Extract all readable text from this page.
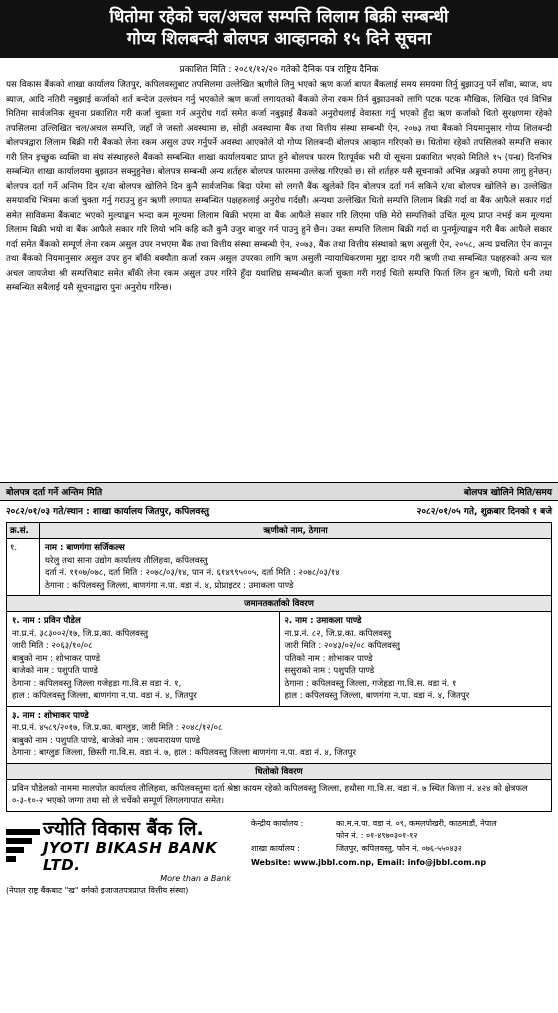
धितोमा रहेको चल/अचल सम्पत्ति लिलाम बिक्री सम्बन्धी
गोप्य शिलबन्दी बोलपत्र आव्हानको १५ दिने सूचना
प्रकाशित मिति : २०८१/१२/२० गतेको दैनिक पत्र राष्ट्रिय दैनिक
यस विकास बैंकको शाखा कार्यालय जितपुर, कपिलवस्तुबाट तपसिलमा उल्लेखित ऋणीले लिनु भएको ऋण कर्जा बापत बैंकलाई समय समयमा तिर्नु बुझाउनु पर्ने साँवा, ब्याज, थप ब्याज, आदि नतिरी नबुझाई कर्जाको शर्त बन्देज उल्लंघन गर्नु भएकोले ऋण कर्जा लगायतको बैंकको लेना रकम तिर्न बुझाउनको लागि पटक पटक मौखिक, लिखित एवं विभिन्न मितिमा सार्वजनिक सूचना प्रकाशित गरी कर्जा चुक्ता गर्न अनुरोध गर्दा समेत कर्जा नबुझाई बैंकको अनुरोधलाई वेवास्ता गर्नु भएको हुँदा ऋण कर्जाको धितो सुरक्षणमा रहेको तपसिलमा उल्लिखित चल/अचल सम्पत्ति, जहाँ जे जस्तो अवस्थामा छ, सोही अवस्थामा बैंक तथा वित्तीय संस्था सम्बन्धी ऐन, २०७३ तथा बैंकको नियमानुसार गोप्य शिलबन्दी बोलपत्रद्वारा लिलाम बिक्री गरी बैंकको लेना रकम असुल उपर गर्नुपर्ने अवस्था आएकोले यो गोप्य शिलबन्दी बोलपत्र आव्हान गरिएको छ। धितोमा रहेको तपसिलको सम्पत्ति सकार गरी लिन इच्छुक व्यक्ति वा संघ संस्थाहरुले बैंकको सम्बन्धित शाखा कार्यालयबाट प्राप्त हुने बोलपत्र फारम रितपूर्वक भरी यो सूचना प्रकाशित भएको मितिले १५ (पन्ध्र) दिनभित्र सम्बन्धित शाखा कार्यालयमा बुझाउन सक्नुहुनेछ। बोलपत्र सम्बन्धी अन्य शर्तहरु बोलपत्र फारममा उल्लेख गरिएको छ। सो शर्तहरु यसै सूचनाको अभिन्न अङ्गको रुपमा लागु हुनेछन्। बोलपत्र दर्ता गर्ने अन्तिम दिन र/वा बोलपत्र खोलिने दिन कुनै सार्वजनिक बिदा परेमा सो लगत्तै बैंक खुलेको दिन बोलपत्र दर्ता गर्न सकिने र/वा बोलपत्र खोलिने छ। उल्लेखित समयावधि भित्रमा कर्जा चुक्ता गर्नु गराउनु हुन ऋणी लगायत सम्बन्धित पक्षहरुलाई अनुरोध गर्दछौं। अन्यथा उल्लेखित धितो सम्पत्ति लिलाम बिक्री गर्दा वा बैंक आफैले सकार गर्दा समेत साविकमा बैंकबाट भएको मुल्याङ्कन भन्दा कम मूल्यमा लिलाम बिक्री भएमा वा बैंक आफैले सकार गरि लिएमा पछि मेरो सम्पत्तिको उचित मूल्य प्राप्त नभई कम मूल्यमा लिलाम बिक्री भयो वा बैंक आफैले सकार गरि लियो भनि कहि कतै कुनै उजुर बाजुर गर्न पाउनु हुने छैन। उक्त सम्पत्ति लिलाम बिक्री गर्दा वा पुनर्मूल्याङ्कन गरी बैंक आफैले सकार गर्दा समेत बैंकको सम्पूर्ण लेना रकम असुल उपर नभएमा बैंक तथा वित्तीय संस्था सम्बन्धी ऐन, २०७३, बैंक तथा वित्तीय संस्थाको ऋण असुली ऐन, २०५८, अन्य प्रचलित ऐन कानून तथा बैंकको नियमानुसार असुल उपर हुन बाँकी बक्यौता कर्जा रकम असुल उपरका लागि ऋण असुली न्यायाधिकरणमा मुद्दा दायर गरी ऋणी तथा सम्बन्धित पक्षहरुको अन्य चल अचल जायजेथा श्री सम्पत्तिबाट समेत बाँकी लेना रकम असुल उपर गरिने हुँदा यथाशिघ्र सम्बन्धीत कर्जा चुक्ता गरी गराई धितो सम्पत्ति फिर्ता लिन हुन ऋणी, धितो धनी तथा सम्बन्धित सबैलाई यसै सूचनाद्वारा पुनः अनुरोध गरिन्छ।
बोलपत्र दर्ता गर्ने अन्तिम मिति	बोलपत्र खोलिने मिति/समय
२०८२/०१/०३ गते/स्थान : शाखा कार्यालय जितपुर, कपिलवस्तु	२०८२/०१/०५ गते, शुक्रबार दिनको १ बजे
क्र.सं.	ऋणीको नाम, ठेगाना
१.	नाम : बाणगंगा सर्जिकल्स
घरेलु तथा साना उद्योग कार्यालय तौलिहवा, कपिलवस्तु
दर्ता नं. ११०७/०७८, दर्ता मिति : २०७८/०३/१४, पान नं. ६१४९९५००५, दर्ता मिति : २०७८/०३/१४
ठेगाना : कपिलवस्तु जिल्ला, बाणगंगा न.पा. वडा नं. ४, प्रोप्राइटर : उमाकला पाण्डे
जमानतकर्ताको विवरण
१. नाम : प्रविन पौडेल
ना.प्र.नं. ३८३००२/१७, जि.प्र.का. कपिलवस्तु
जारी मिति : २०६३/१०/०८
बाबुको नाम : शोभाकर पाण्डे
बाजेको नाम : पशुपति पाण्डे
ठेगाना : कपिलवस्तु जिल्ला गजेहडा गा.वि.स वडा नं. १,
हाल : कपिलवस्तु जिल्ला, बाणगंगा न.पा. वडा नं. ४, जितपुर
२. नाम : उमाकला पाण्डे
ना.प्र.नं. ८२, जि.प्र.का. कपिलवस्तु
जारी मिति : २०४३/०२/०८ कपिलवस्तु
पतिको नाम : शोभाकर पाण्डे
ससुराको नाम : पशुपति पाण्डे
ठेगाना : कपिलवस्तु जिल्ला, गजेहडा गा.वि.स. वडा नं. १
हाल : कपिलवस्तु जिल्ला, बाणगंगा न.पा. वडा नं. ४, जितपुर
३. नाम : शोभाकर पाण्डे
ना.प्र.नं. ४५८९/२०१७, जि.प्र.का. बाग्लुङ, जारी मिति : २०४८/१२/०८
बाबुको नाम : पशुपति पाण्डे, बाजेको नाम : जयनारायण पाण्डे
ठेगाना : बाग्लुङ जिल्ला, छिस्ती गा.वि.स. वडा नं. ७, हाल : कपिलवस्तु जिल्ला बाणगंगा न.पा. वडा नं. ४, जितपुर
धितोको विवरण
प्रविन पौडेलको नाममा मालपोत कार्यालय तौलिहवा, कपिलवस्तुमा दर्ता श्रेष्ठा कायम रहेको कपिलवस्तु जिल्ला, हथौसा गा.वि.स. वडा नं. ७ स्थित कित्ता नं. ४२४ को क्षेत्रफल ०-३-१०-२ भएको जग्गा तथा सो ले चर्चेको सम्पूर्ण लिगलगापात समेत।
ज्योति विकास बैंक लि.
JYOTI BIKASH BANK LTD.
More than a Bank
(नेपाल राष्ट्र बैंकबाट "ख" वर्गको इजाजतपत्रप्राप्त वित्तीय संस्था)
केन्द्रीय कार्यालय :	का.म.न.पा. वडा नं. ०९, कमलपोखरी, काठमाडौं, नेपाल
फोन नं. : ०१-४९७०३०१-१२
शाखा कार्यालय :	जितपुर, कपिलवस्तु, फोन नं. ०७६-५५०४३२
Website: www.jbbl.com.np, Email: info@jbbl.com.np
